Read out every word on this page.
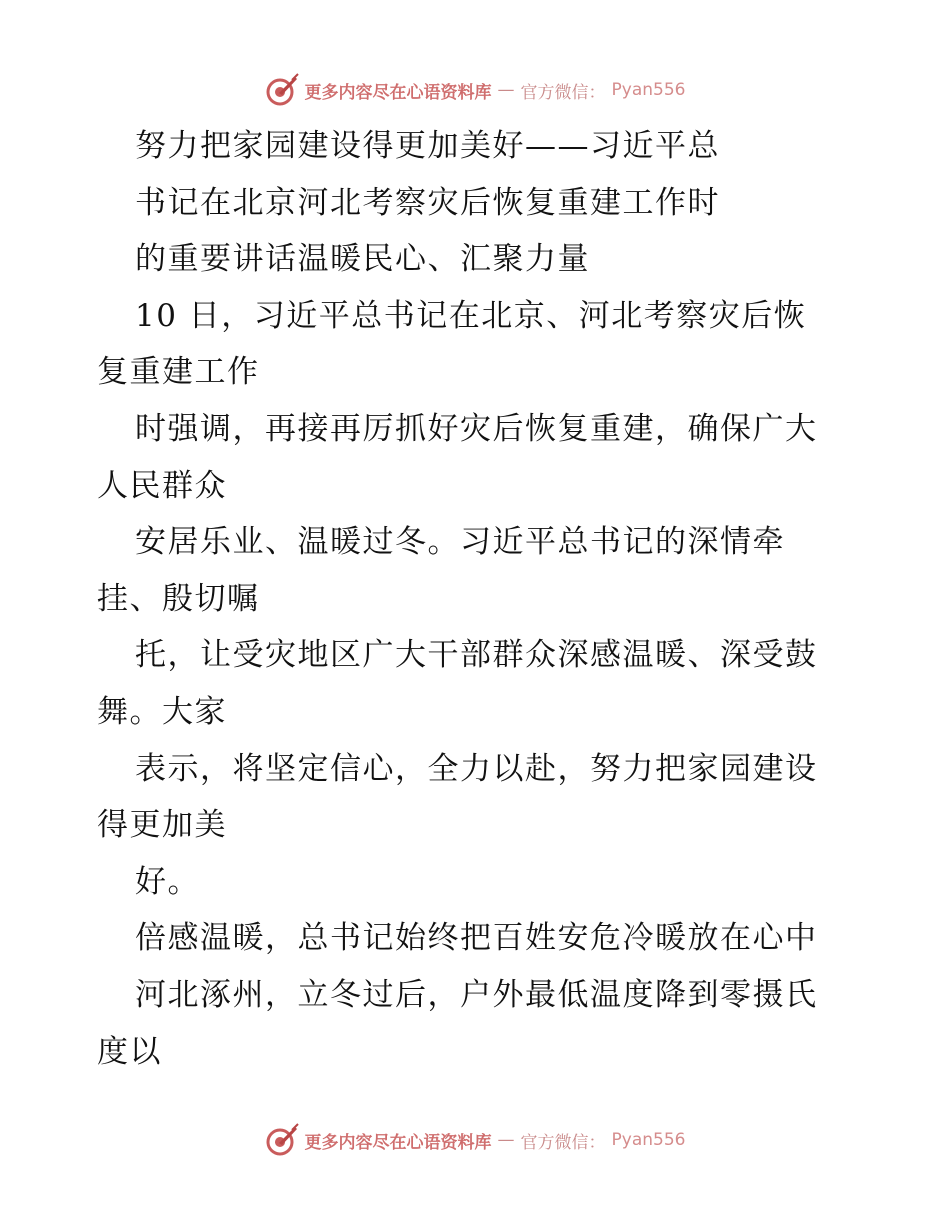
更多内容尽在心语资料库 — 官方微信： Pyan556
努力把家园建设得更加美好——习近平总
书记在北京河北考察灾后恢复重建工作时
的重要讲话温暖民心、汇聚力量
10 日，习近平总书记在北京、河北考察灾后恢
复重建工作
时强调，再接再厉抓好灾后恢复重建，确保广大
人民群众
安居乐业、温暖过冬。习近平总书记的深情牵
挂、殷切嘱
托，让受灾地区广大干部群众深感温暖、深受鼓
舞。大家
表示，将坚定信心，全力以赴，努力把家园建设
得更加美
好。
倍感温暖，总书记始终把百姓安危冷暖放在心中
河北涿州，立冬过后，户外最低温度降到零摄氏
度以
更多内容尽在心语资料库 — 官方微信： Pyan556
